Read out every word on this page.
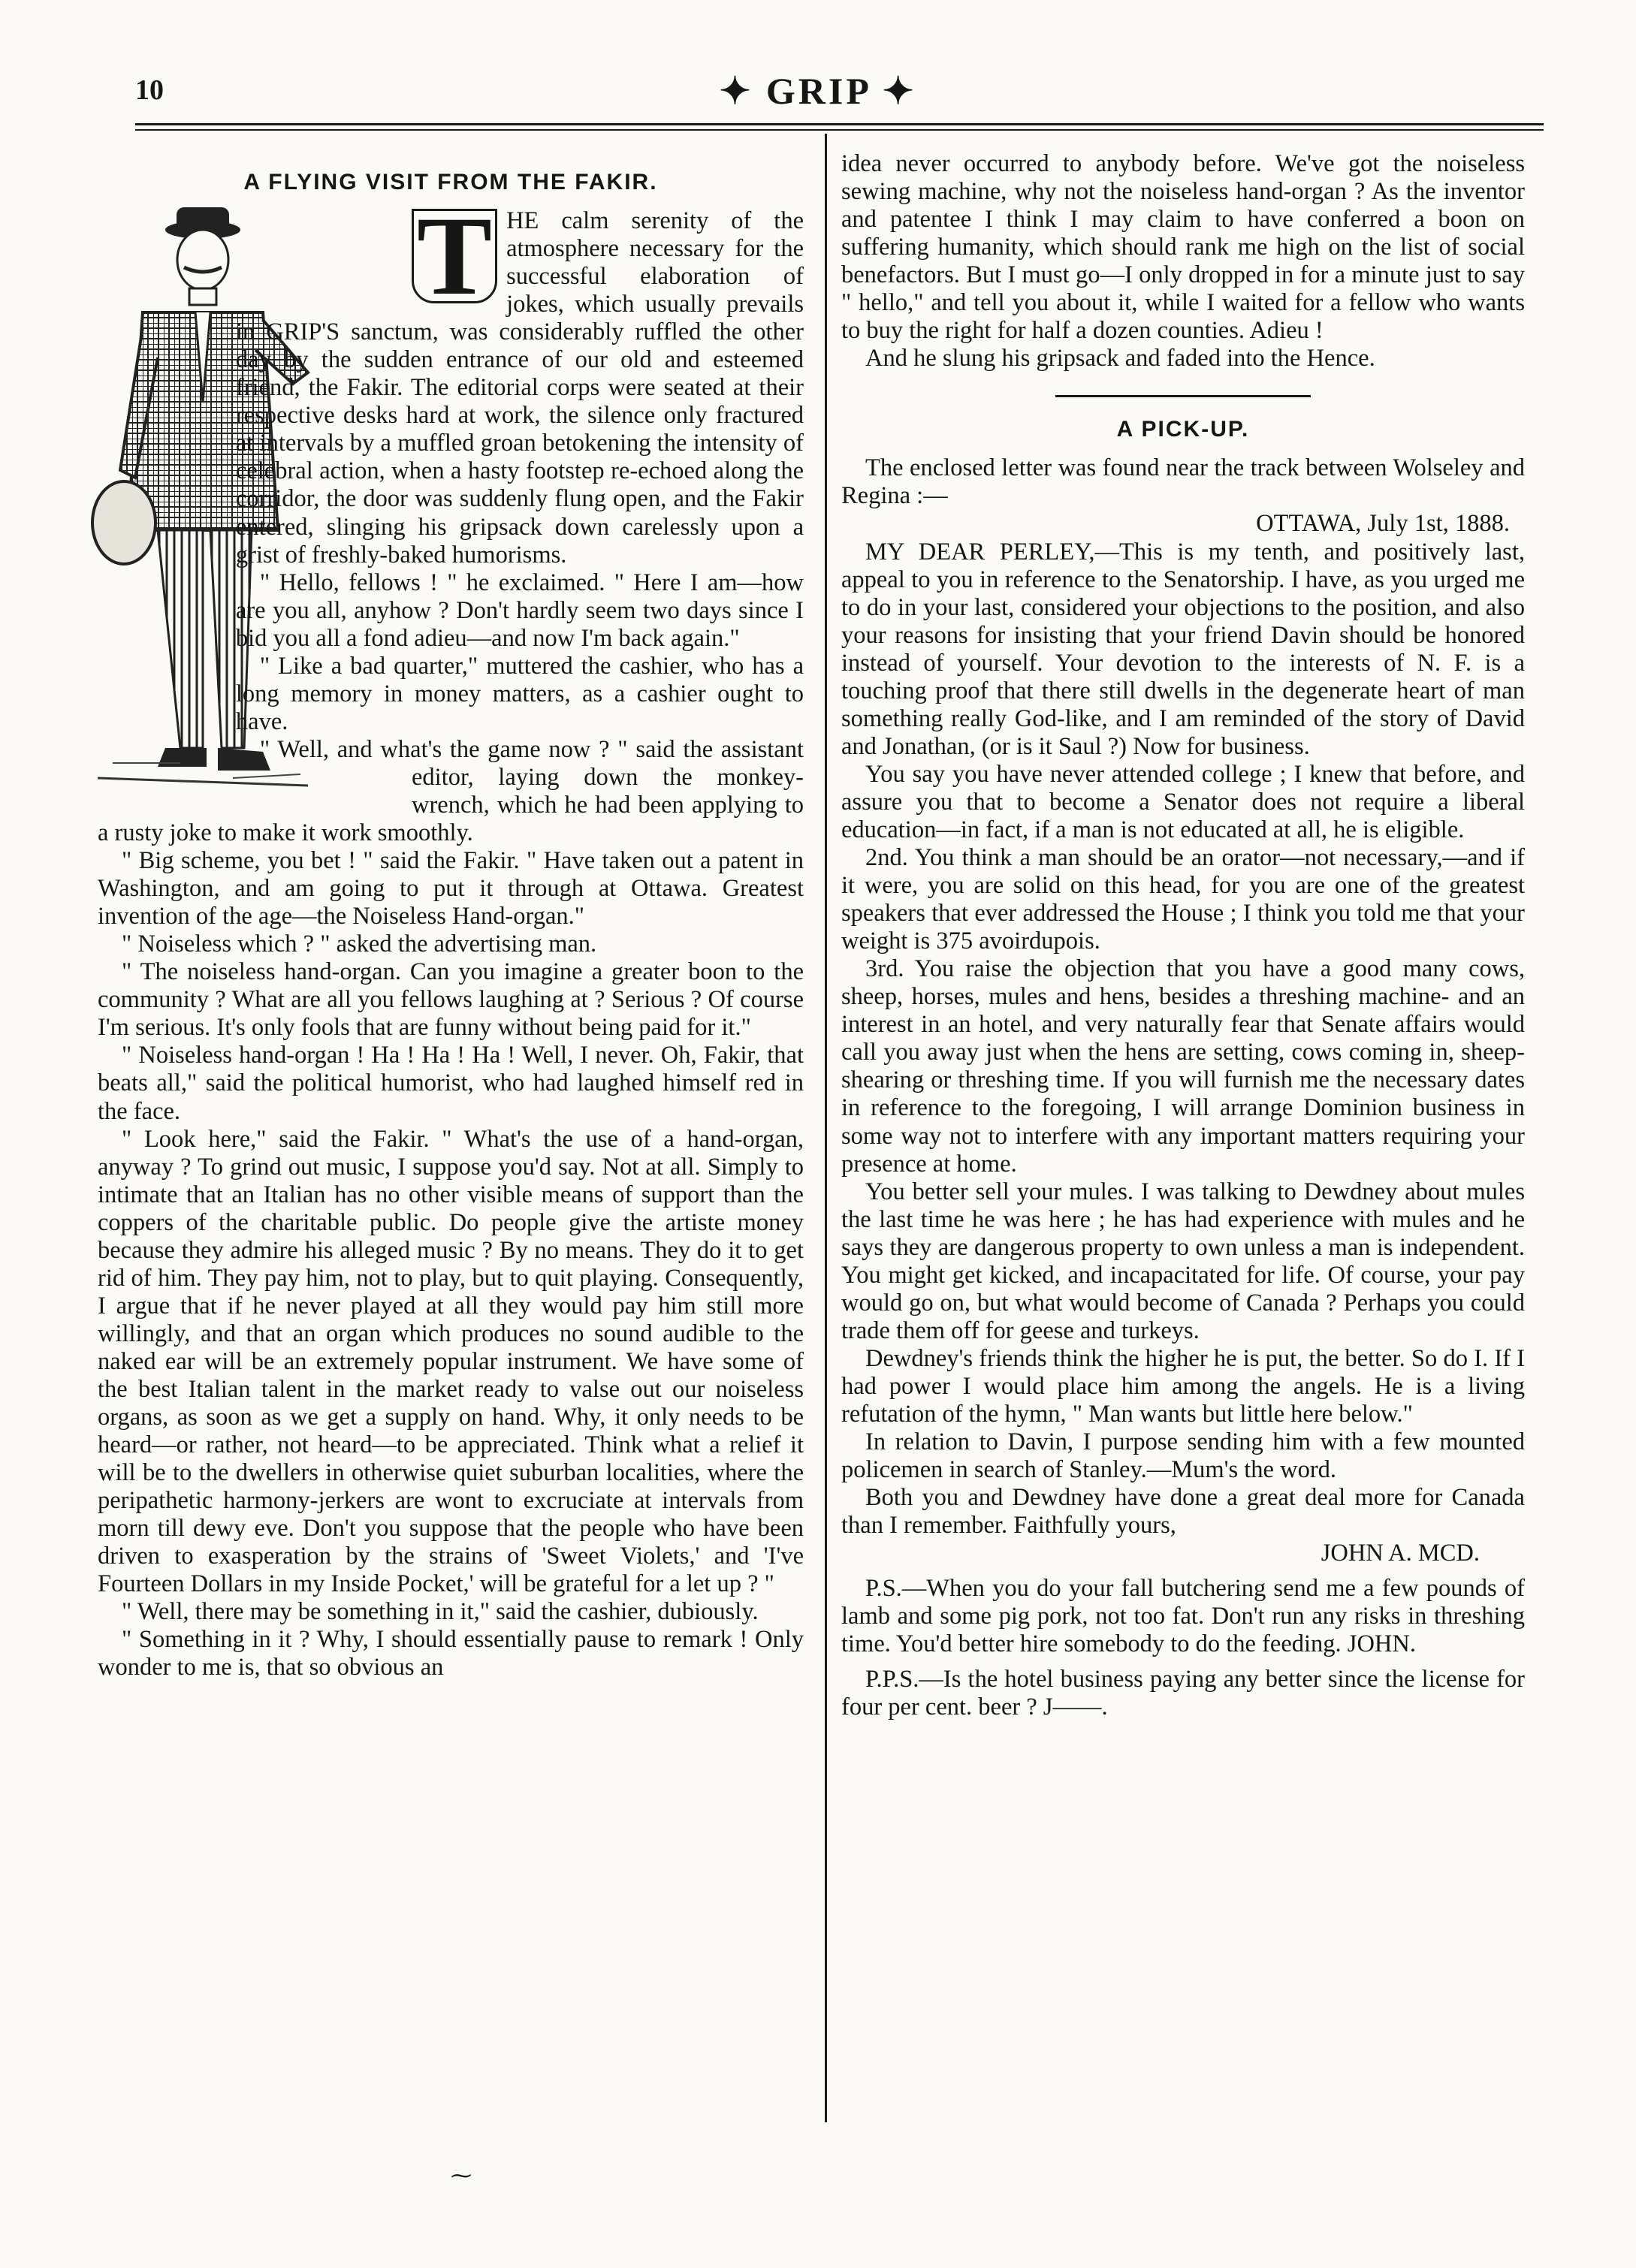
10	✦ GRIP ✦
A FLYING VISIT FROM THE FAKIR.

T HE calm serenity of the atmosphere necessary for the successful elaboration of jokes, which usually prevails in GRIP'S sanctum, was considerably ruffled the other day by the sudden entrance of our old and esteemed friend, the Fakir. The editorial corps were seated at their respective desks hard at work, the silence only fractured at intervals by a muffled groan betokening the intensity of celebral action, when a hasty footstep re-echoed along the corridor, the door was suddenly flung open, and the Fakir entered, slinging his gripsack down carelessly upon a grist of freshly-baked humorisms.

" Hello, fellows ! " he exclaimed. " Here I am—how are you all, anyhow ? Don't hardly seem two days since I bid you all a fond adieu—and now I'm back again."

" Like a bad quarter," muttered the cashier, who has a long memory in money matters, as a cashier ought to have.

" Well, and what's the game now ? " said the assistant editor, laying down the monkey-wrench, which he had been applying to a rusty joke to make it work smoothly.

" Big scheme, you bet ! " said the Fakir. " Have taken out a patent in Washington, and am going to put it through at Ottawa. Greatest invention of the age—the Noiseless Hand-organ."

" Noiseless which ? " asked the advertising man.

" The noiseless hand-organ. Can you imagine a greater boon to the community ? What are all you fellows laughing at ? Serious ? Of course I'm serious. It's only fools that are funny without being paid for it."

" Noiseless hand-organ ! Ha ! Ha ! Ha ! Well, I never. Oh, Fakir, that beats all," said the political humorist, who had laughed himself red in the face.

" Look here," said the Fakir. " What's the use of a hand-organ, anyway ? To grind out music, I suppose you'd say. Not at all. Simply to intimate that an Italian has no other visible means of support than the coppers of the charitable public. Do people give the artiste money because they admire his alleged music ? By no means. They do it to get rid of him. They pay him, not to play, but to quit playing. Consequently, I argue that if he never played at all they would pay him still more willingly, and that an organ which produces no sound audible to the naked ear will be an extremely popular instrument. We have some of the best Italian talent in the market ready to valse out our noiseless organs, as soon as we get a supply on hand. Why, it only needs to be heard—or rather, not heard—to be appreciated. Think what a relief it will be to the dwellers in otherwise quiet suburban localities, where the peripathetic harmony-jerkers are wont to excruciate at intervals from morn till dewy eve. Don't you suppose that the people who have been driven to exasperation by the strains of 'Sweet Violets,' and 'I've Fourteen Dollars in my Inside Pocket,' will be grateful for a let up ? "

" Well, there may be something in it," said the cashier, dubiously.

" Something in it ? Why, I should essentially pause to remark ! Only wonder to me is, that so obvious an

idea never occurred to anybody before. We've got the noiseless sewing machine, why not the noiseless hand-organ ? As the inventor and patentee I think I may claim to have conferred a boon on suffering humanity, which should rank me high on the list of social benefactors. But I must go—I only dropped in for a minute just to say " hello," and tell you about it, while I waited for a fellow who wants to buy the right for half a dozen counties. Adieu !

And he slung his gripsack and faded into the Hence.

A PICK-UP.

The enclosed letter was found near the track between Wolseley and Regina :—

OTTAWA, July 1st, 1888.

MY DEAR PERLEY,—This is my tenth, and positively last, appeal to you in reference to the Senatorship. I have, as you urged me to do in your last, considered your objections to the position, and also your reasons for insisting that your friend Davin should be honored instead of yourself. Your devotion to the interests of N. F. is a touching proof that there still dwells in the degenerate heart of man something really God-like, and I am reminded of the story of David and Jonathan, (or is it Saul ?) Now for business.

You say you have never attended college ; I knew that before, and assure you that to become a Senator does not require a liberal education—in fact, if a man is not educated at all, he is eligible.

2nd. You think a man should be an orator—not necessary,—and if it were, you are solid on this head, for you are one of the greatest speakers that ever addressed the House ; I think you told me that your weight is 375 avoirdupois.

3rd. You raise the objection that you have a good many cows, sheep, horses, mules and hens, besides a threshing machine- and an interest in an hotel, and very naturally fear that Senate affairs would call you away just when the hens are setting, cows coming in, sheep-shearing or threshing time. If you will furnish me the necessary dates in reference to the foregoing, I will arrange Dominion business in some way not to interfere with any important matters requiring your presence at home.

You better sell your mules. I was talking to Dewdney about mules the last time he was here ; he has had experience with mules and he says they are dangerous property to own unless a man is independent. You might get kicked, and incapacitated for life. Of course, your pay would go on, but what would become of Canada ? Perhaps you could trade them off for geese and turkeys.

Dewdney's friends think the higher he is put, the better. So do I. If I had power I would place him among the angels. He is a living refutation of the hymn, " Man wants but little here below."

In relation to Davin, I purpose sending him with a few mounted policemen in search of Stanley.—Mum's the word.

Both you and Dewdney have done a great deal more for Canada than I remember. Faithfully yours,

JOHN A. MCD.

P.S.—When you do your fall butchering send me a few pounds of lamb and some pig pork, not too fat. Don't run any risks in threshing time. You'd better hire somebody to do the feeding. JOHN.

P.P.S.—Is the hotel business paying any better since the license for four per cent. beer ? J——.

⁓
